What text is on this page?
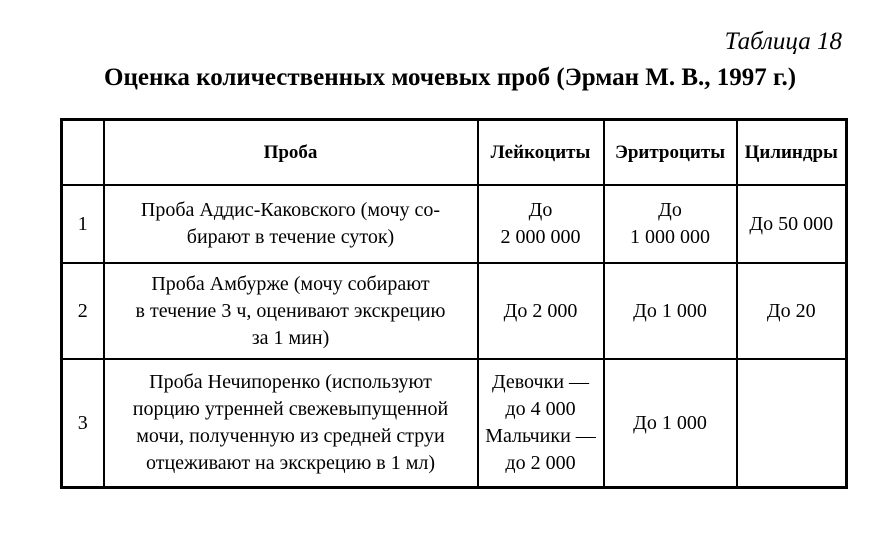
Таблица 18
Оценка количественных мочевых проб (Эрман М. В., 1997 г.)
	Проба	Лейкоциты	Эритроциты	Цилиндры
1	Проба Аддис-Каковского (мочу со-
бирают в течение суток)	До
2 000 000	До
1 000 000	До 50 000
2	Проба Амбурже (мочу собирают
в течение 3 ч, оценивают экскрецию
за 1 мин)	До 2 000	До 1 000	До 20
3	Проба Нечипоренко (используют
порцию утренней свежевыпущенной
мочи, полученную из средней струи
отцеживают на экскрецию в 1 мл)	Девочки —
до 4 000
Мальчики —
до 2 000	До 1 000	
